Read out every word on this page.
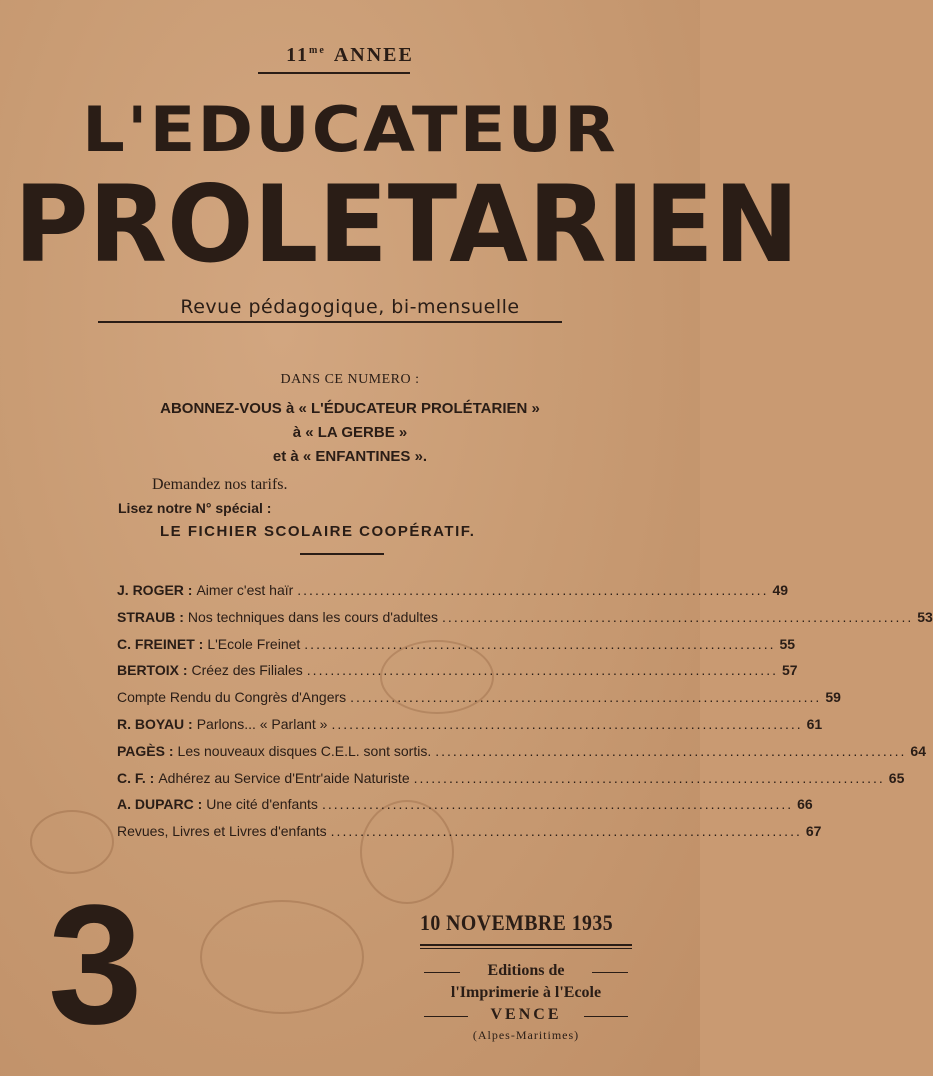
$11^{me}$ ANNEE
L'EDUCATEUR
PROLETARIEN
Revue pédagogique, bi-mensuelle
DANS CE NUMERO :
ABONNEZ-VOUS à « L'ÉDUCATEUR PROLÉTARIEN »
à « LA GERBE »
et à « ENFANTINES ».
Demandez nos tarifs.
Lisez notre N° spécial :
LE FICHIER SCOLAIRE COOPÉRATIF.
J. ROGER : Aimer c'est haïr ................................................................................ 49
STRAUB : Nos techniques dans les cours d'adultes ................................................................................ 53
C. FREINET : L'Ecole Freinet ................................................................................ 55
BERTOIX : Créez des Filiales ................................................................................ 57
Compte Rendu du Congrès d'Angers ................................................................................ 59
R. BOYAU : Parlons... « Parlant » ................................................................................ 61
PAGÈS : Les nouveaux disques C.E.L. sont sortis. ................................................................................ 64
C. F. : Adhérez au Service d'Entr'aide Naturiste ................................................................................ 65
A. DUPARC : Une cité d'enfants ................................................................................ 66
Revues, Livres et Livres d'enfants ................................................................................ 67
3	10 NOVEMBRE 1935
Editions de
l'Imprimerie à l'Ecole
VENCE
(Alpes-Maritimes)
